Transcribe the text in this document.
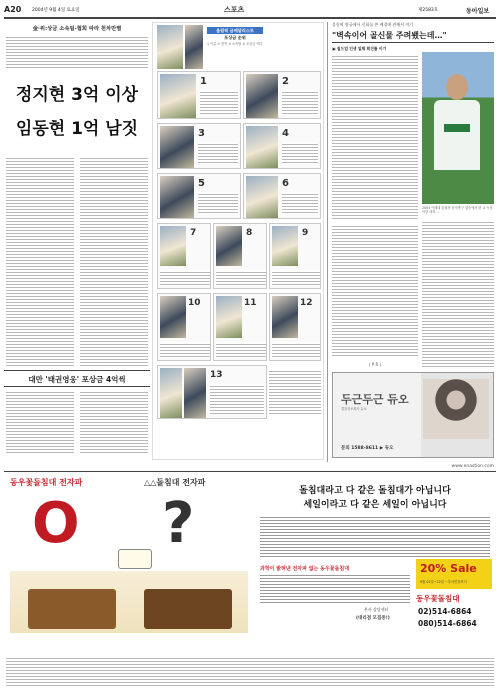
A20 2004년 9월 4일 토요일	스포츠	제2583호	동아일보
金·위:상금 소속팀-협회 따라 천차만별
정지현 3억 이상
임동현 1억 남짓
대만 '태권영웅' 포상금 4억씩
올림픽 금메달리스트
포상금 순위
1 이름 ② 종목 ③ 소속팀 ④ 포상금 액수
1	2
3	4
5	6
7	8	9
10	11	12
13
올림픽 양궁에서 신화를 쓴 배경에 관해서 이기
"벽속이어 골신물 주려뵀는데…"
▣ 칠드업 인생 일체 회진를 이기
2004 아테네 올림픽 남자축구 결승에서 한 교 득점 작한 대학 ...
( P R )
두근두근 듀오
결혼정보회사 듀오
문의 1588-8611 ▶ 듀오
www.enastion.com
동우꽃돌침대 전자파	△△돌침대 전자파
O ?	돌침대라고 다 같은 돌침대가 아닙니다
세일이라고 다 같은 세일이 아닙니다
과학이 밝혀낸 전자파 없는 동우꽃돌침대	20% Sale
9월 01일~22일 ~추석연휴까지
동우꽃돌침대
본사 상담센터
(대리점 모집중!)
02)514-6864
080)514-6864
